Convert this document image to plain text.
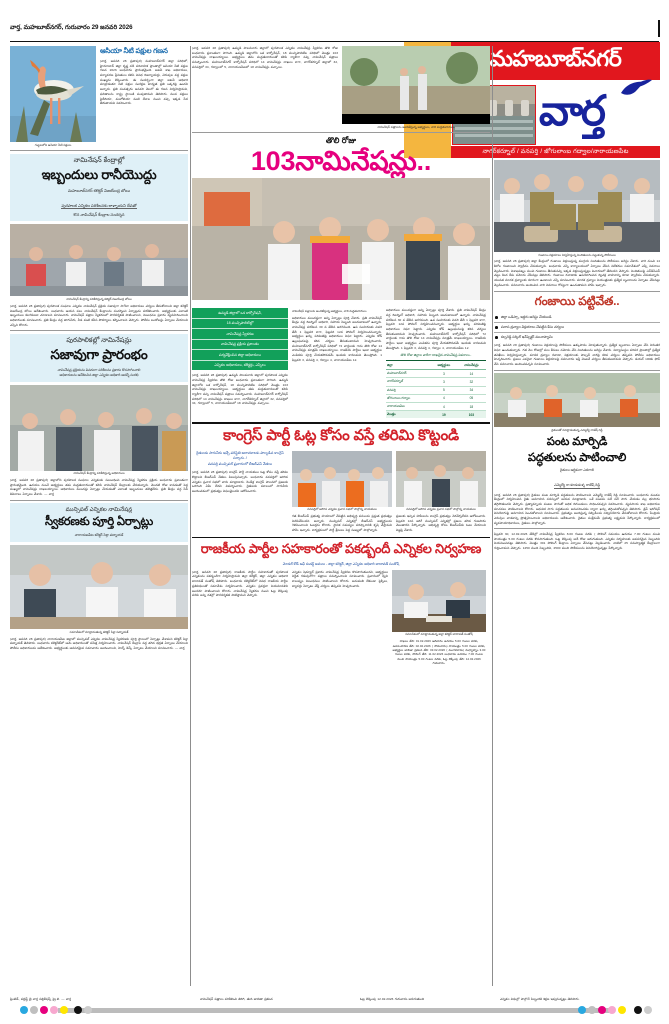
వార్త, మహబూబ్‌నగర్, గురువారం 29 జనవరి 2026
మహబూబ్‌నగర్
వార్త
నాగర్‌కర్నూల్ / వనపర్తి / జోగులాంబ గద్వాల/నారాయణపేట
గుట్టలలోని ఆసియా నీటి పక్షులు
ఆసియా నీటి పక్షుల గణన
(వార్త, జనవరి 28 ప్రతాపుర) మహబూబ్‌నగర్ జిల్లా పరిధిలో, హైదరాబాద్ జిల్లా కృష్ణ నదీ పరివాహక ప్రాంతాల్లో ఆసియా నీటి పక్షుల గణన 2026 బుధవారం ప్రారంభమైంది. అటవీ శాఖ అధికారులు, పర్యావరణ ప్రేమికులు కలిసి వివిధ రిజర్వాయర్లు, చెరువుల వద్ద పక్షుల సంఖ్యను లెక్కించారు. ఈ సందర్భంగా జిల్లా అటవీ అధికారి మాట్లాడుతూ నీటి పక్షుల సంరక్షణ బాధ్యత ప్రతి ఒక్కరిపై ఉందని అన్నారు. ప్రతి సంవత్సరం జనవరి నెలలో ఈ గణన నిర్వహిస్తామని, ఫలితాలను రాష్ట్ర స్థాయికి పంపుతామని తెలిపారు. వలస పక్షులు సైబీరియా, మంగోలియా వంటి దేశాల నుంచి వచ్చి ఇక్కడ సేద తీరుతాయని వివరించారు.
నామినేషన్ కేంద్రాల్లో
ఇబ్బందులు రానీయొద్దు
మహబూబ్‌నగర్ కలెక్టర్ విజయేంద్ర బోయి
పురపాలక ఎన్నికల పరిశీలనకు కాళ్ళాయని దేవతో
కొన నామినేషన్ కేంద్రాల సందర్శన
నామినేషన్ కేంద్రాన్ని పరిశీలిస్తున్న కలెక్టర్ విజయేంద్ర బోయి
(వార్త, జనవరి 28 ప్రతాపుర) పురపాలక సంఘాల ఎన్నికల నామినేషన్ ప్రక్రియ సజావుగా సాగేలా అధికారులు చర్యలు తీసుకోవాలని జిల్లా కలెక్టర్ విజయేంద్ర బోయి ఆదేశించారు. బుధవారం ఆయన పలు నామినేషన్ కేంద్రాలను సందర్శించి ఏర్పాట్లను పరిశీలించారు. అభ్యర్థులకు ఎలాంటి ఇబ్బందులు కలగకుండా చూడాలని సూచించారు. నామినేషన్ పత్రాల స్వీకరణలో పారదర్శకత పాటించాలని, నిబంధనల ప్రకారం వ్యవహరించాలని అధికారులకు సూచించారు. ప్రతి కేంద్రం వద్ద తాగునీరు, నీడ వంటి కనీస సౌకర్యాలు కల్పించాలని చెప్పారు. పోలీసు బందోబస్తు ఏర్పాటు చేయాలని ఎస్పీని కోరారు.
పురపాలికల్లో నామినేషన్లు
సజావుగా ప్రారంభం
నామినేషన్ల ప్రక్రియను వివరంగా పరిశీలనం ప్రకారం కొనసాగించాలి
అధికారులను ఆదేశించిన జిల్లా ఎన్నికల అధికారి ఆదర్శ్ సురభి
నామినేషన్ కేంద్రాన్ని పరిశీలిస్తున్న అధికారులు
(వార్త, జనవరి 28 ప్రతాపుర) జిల్లాలోని పురపాలక సంఘాల ఎన్నికలకు సంబంధించి నామినేషన్ల స్వీకరణ ప్రక్రియ బుధవారం ప్రశాంతంగా ప్రారంభమైంది. ఉదయం నుంచే అభ్యర్థులు తమ మద్దతుదారులతో కలిసి నామినేషన్ కేంద్రాలకు చేరుకున్నారు. మొదటి రోజు కావడంతో పెద్ద సంఖ్యలో నామినేషన్లు దాఖలయ్యాయి. అధికారులు ముందస్తు ఏర్పాట్లు చేయడంతో ఎలాంటి ఇబ్బందులు తలెత్తలేదు. ప్రతి కేంద్రం వద్ద సీసీ కెమెరాలు ఏర్పాటు చేశారు. — వార్త
మున్సిపల్ ఎన్నికల నామినేషన్ల
స్వీకరణకు పూర్తి ఏర్పాట్లు
నారాయణపేట కలెక్టర్ సిక్తా పట్నాయక్
సమావేశంలో మాట్లాడుతున్న కలెక్టర్ సిక్తా పట్నాయక్
(వార్త, జనవరి 28 ప్రతాపుర) నారాయణపేట జిల్లాలో మున్సిపల్ ఎన్నికల నామినేషన్ల స్వీకరణకు పూర్తి స్థాయిలో ఏర్పాట్లు చేశామని కలెక్టర్ సిక్తా పట్నాయక్ తెలిపారు. బుధవారం కలెక్టరేట్‌లో ఆమె అధికారులతో సమీక్ష నిర్వహించారు. నామినేషన్ కేంద్రాల వద్ద తగిన భద్రత ఏర్పాటు చేయాలని పోలీసు అధికారులను ఆదేశించారు. అభ్యర్థులకు అవసరమైన సమాచారం అందించాలని, హెల్ప్ డెస్క్ ఏర్పాటు చేయాలని సూచించారు. — వార్త
(వార్త, జనవరి 28 ప్రతాపుర) ఉమ్మడి పాలమూరు జిల్లాలో పురపాలక ఎన్నికల నామినేషన్ల స్వీకరణ తొలి రోజు బుధవారం ప్రశాంతంగా సాగింది. ఉమ్మడి జిల్లాలోని ఒక కార్పోరేషన్, 18 మున్సిపాలిటీల పరిధిలో మొత్తం 103 నామినేషన్లు దాఖలయ్యాయి. అభ్యర్థులు తమ మద్దతుదారులతో కలిసి ర్యాలీగా వచ్చి నామినేషన్ పత్రాలు సమర్పించారు. మహబూబ్‌నగర్ కార్పోరేషన్ పరిధిలో 14 నామినేషన్లు దాఖలు కాగా, నాగర్‌కర్నూల్ జిల్లాలో 32, వనపర్తిలో 34, గద్వాలలో 5, నారాయణపేటలో 18 నామినేషన్లు వచ్చాయి.
నామినేషన్ పత్రాలను అందజేస్తున్న అభ్యర్థులు, వారి మద్దతుదారులు
తొలి రోజు
103నామినేషన్లు..

ఉమ్మడి జిల్లాలో ఒక కార్పోరేషన్,
18 మున్సిపాలిటీల్లో
నామినేషన్ల స్వీకరణ
నామినేషన్ల ప్రక్రియ ప్రశాంతం
పర్యవేక్షించిన జిల్లా అధికారులు
ఎన్నికల అధికారులు, కలెక్టర్లు, ఎస్పీలు
(వార్త, జనవరి 28 ప్రతాపుర) ఉమ్మడి పాలమూరు జిల్లాలో పురపాలక ఎన్నికల నామినేషన్ల స్వీకరణ తొలి రోజు బుధవారం ప్రశాంతంగా సాగింది. ఉమ్మడి జిల్లాలోని ఒక కార్పోరేషన్, 18 మున్సిపాలిటీల పరిధిలో మొత్తం 103 నామినేషన్లు దాఖలయ్యాయి. అభ్యర్థులు తమ మద్దతుదారులతో కలిసి ర్యాలీగా వచ్చి నామినేషన్ పత్రాలు సమర్పించారు. మహబూబ్‌నగర్ కార్పోరేషన్ పరిధిలో 14 నామినేషన్లు దాఖలు కాగా, నాగర్‌కర్నూల్ జిల్లాలో 32, వనపర్తిలో 34, గద్వాలలో 5, నారాయణపేటలో 18 నామినేషన్లు వచ్చాయి.
నామినేషన్ పత్రాలను అందజేస్తున్న అభ్యర్థులు, వారి మద్దతుదారులు
అధికారులు ముందస్తుగా అన్ని ఏర్పాట్లు పూర్తి చేశారు. ప్రతి నామినేషన్ కేంద్రం వద్ద రిటర్నింగ్ అధికారి, సహాయ సిబ్బంది అందుబాటులో ఉన్నారు. నామినేషన్ల పరిశీలన 30 వ తేదీన జరగనుంది. ఉప సంహరణకు చివరి తేదీ 1 ఫిబ్రవరి కాగా, ఫిబ్రవరి 12న పోలింగ్ నిర్వహించనున్నారు. అభ్యర్థుల ఖర్చు పరిమితిపై అధికారులు నిఘా పెట్టారు. ఎన్నికల కోడ్ ఉల్లంఘనలపై కఠిన చర్యలు తీసుకుంటామని హెచ్చరించారు. మహబూబ్‌నగర్ కార్పోరేషన్ పరిధిలో 72 వార్డులకు గాను తొలి రోజు 14 నామినేషన్లు మాత్రమే దాఖలయ్యాయి. రాజకీయ పార్టీలు ఇంకా అభ్యర్థుల ఎంపికను పూర్తి చేయకపోవడమే ఇందుకు కారణమని తెలుస్తోంది. 1 ఫిబ్రవరి 3, వనపర్తి 4, గద్వాల 4, నారాయణపేట 12.
అధికారులు ముందస్తుగా అన్ని ఏర్పాట్లు పూర్తి చేశారు. ప్రతి నామినేషన్ కేంద్రం వద్ద రిటర్నింగ్ అధికారి, సహాయ సిబ్బంది అందుబాటులో ఉన్నారు. నామినేషన్ల పరిశీలన 30 వ తేదీన జరగనుంది. ఉప సంహరణకు చివరి తేదీ 1 ఫిబ్రవరి కాగా, ఫిబ్రవరి 12న పోలింగ్ నిర్వహించనున్నారు. అభ్యర్థుల ఖర్చు పరిమితిపై అధికారులు నిఘా పెట్టారు. ఎన్నికల కోడ్ ఉల్లంఘనలపై కఠిన చర్యలు తీసుకుంటామని హెచ్చరించారు. మహబూబ్‌నగర్ కార్పోరేషన్ పరిధిలో 72 వార్డులకు గాను తొలి రోజు 14 నామినేషన్లు మాత్రమే దాఖలయ్యాయి. రాజకీయ పార్టీలు ఇంకా అభ్యర్థుల ఎంపికను పూర్తి చేయకపోవడమే ఇందుకు కారణమని తెలుస్తోంది. 1 ఫిబ్రవరి 3, వనపర్తి 4, గద్వాల 4, నారాయణపేట 12.
తొలి రోజు జిల్లాల వారీగా దాఖలైన నామినేషన్ల వివరాలు..
జిల్లా	అభ్యర్థులు	నామినేషన్లు
మహబూబ్‌నగర్	3	14
నాగర్‌కర్నూల్	3	32
వనపర్తి	5	34
జోగులాంబ గద్వాల	4	05
నారాయణపేట	4	18
మొత్తం	19	103
కాంగ్రెస్ పార్టీ ఓట్ల కోసం వస్తే తరిమి కొట్టండి
రైతులకు సాగునీరు ఇచ్చే పరిస్థితి అరాచకాలకు పాల్పడిన కాంగ్రెస్ సర్కారు..!
వనపర్తి మున్సిపల్ ప్రచారంలో బీఆర్ఎస్ నేతలు
(వార్త, జనవరి 28 ప్రతాపుర) కాంగ్రెస్ పార్టీ నాయకులు ఓట్ల కోసం వస్తే తరిమి కొట్టాలని బీఆర్ఎస్ నేతలు పిలుపునిచ్చారు. బుధవారం వనపర్తిలో జరిగిన ఎన్నికల ప్రచార సభలో వారు మాట్లాడారు. రెండేళ్ల కాంగ్రెస్ పాలనలో ప్రజలకు ఒరిగింది ఏమీ లేదని విమర్శించారు. రైతులకు సకాలంలో సాగునీరు అందించడంలో ప్రభుత్వం విఫలమైందని ఆరోపించారు.
వనపర్తిలో జరిగిన ఎన్నికల ప్రచార సభలో పాల్గొన్న నాయకులు
గత బీఆర్ఎస్ ప్రభుత్వ హయాంలో చేపట్టిన అభివృద్ధి పనులను ప్రస్తుత ప్రభుత్వం నిలిపివేసిందని అన్నారు. మున్సిపల్ ఎన్నికల్లో బీఆర్ఎస్ అభ్యర్థులను గెలిపించాలని ఓటర్లను కోరారు. స్థానిక సమస్యల పరిష్కారానికి కృషి చేస్తామని హామీ ఇచ్చారు. కార్యక్రమంలో పార్టీ శ్రేణులు పెద్ద సంఖ్యలో పాల్గొన్నారు.
వనపర్తిలో జరిగిన ఎన్నికల ప్రచార సభలో పాల్గొన్న నాయకులు
ప్రజలకు ఇచ్చిన హామీలను కాంగ్రెస్ ప్రభుత్వం నెరవేర్చలేదని ఆరోపించారు. ఫిబ్రవరి 12న జరిగే మున్సిపల్ ఎన్నికల్లో ప్రజలు తగిన గుణపాఠం చెబుతారని పేర్కొన్నారు. అభివృద్ధి కోసం బీఆర్ఎస్‌కు ఓటు వేయాలని విజ్ఞప్తి చేశారు.
రాజకీయ పార్టీల సహకారంతో పకడ్బందీ ఎన్నికల నిర్వహణ
మోడల్ కోడ్ ఆఫ్ కండక్ట్ అమలు - జిల్లా కలెక్టర్, జిల్లా ఎన్నికల అధికారి బాదావత్ సంతోష్
(వార్త, జనవరి 28 ప్రతాపుర) రాజకీయ పార్టీల సహకారంతో పురపాలక ఎన్నికలను పకడ్బందీగా నిర్వహిస్తామని జిల్లా కలెక్టర్, జిల్లా ఎన్నికల అధికారి బాదావత్ సంతోష్ తెలిపారు. బుధవారం కలెక్టరేట్‌లో వివిధ రాజకీయ పార్టీల ప్రతినిధులతో సమావేశం నిర్వహించారు. ఎన్నికల ప్రవర్తనా నియమావళిని అందరూ పాటించాలని కోరారు. నామినేషన్ల స్వీకరణ నుంచి ఓట్ల లెక్కింపు వరకు అన్ని దశల్లో పారదర్శకత పాటిస్తామని చెప్పారు.
ఎన్నికల షెడ్యూల్ ప్రకారం నామినేషన్ల స్వీకరణ కొనసాగుతుందని, అభ్యర్థులు నిర్ణీత గడువులోగా పత్రాలు సమర్పించాలని సూచించారు. ప్రచారంలో ధ్వని కాలుష్యం నిబంధనలు పాటించాలని కోరారు. అనుమతి లేకుండా ఫ్లెక్సీలు, బ్యానర్లు ఏర్పాటు చేస్తే చర్యలు తప్పవని హెచ్చరించారు.
సమావేశంలో మాట్లాడుతున్న జిల్లా కలెక్టర్ బాదావత్ సంతోష్
దాఖలు తేది: 01.02.2026 ఆదివారం ఉదయం 5.00 గంటల వరకు, ఉపసంహరణ తేది: 02.02.2026 ( సోమవారం) సాయంత్రం 5.00 గంటల వరకు, అభ్యర్థుల జాబితా ప్రకటన తేది: 03.02.2026 ( మంగళవారం) మధ్యాహ్నం 3.00 గంటల వరకు, పోలింగ్ తేది: 11.02.2026 బుధవారం ఉదయం 7.00 గంటల నుంచి సాయంత్రం 5.00 గంటల వరకు, ఓట్ల లెక్కింపు తేది: 12.02.2026 గురువారం.
గంజాయి విక్రయాలు నిర్వహిస్తున్న నిందితులను పట్టుకున్న పోలీసులు
(వార్త, జనవరి 28 ప్రతాపుర) జిల్లా కేంద్రంలో గంజాయి విక్రయిస్తున్న ముగ్గురు నిందితులను పోలీసులు అరెస్టు చేశారు. వారి నుంచి 14 కిలోల గంజాయిని స్వాధీనం చేసుకున్నారు. బుధవారం ఎస్పీ కార్యాలయంలో ఏర్పాటు చేసిన విలేకరుల సమావేశంలో ఎస్పీ వివరాలు వెల్లడించారు. విశాఖపట్నం నుంచి గంజాయి తీసుకువచ్చి ఇక్కడ విక్రయిస్తున్నట్లు విచారణలో తేలిందని చెప్పారు. నిందితులపై ఎన్‌డీపీఎస్ చట్టం కింద కేసు నమోదు చేసినట్లు తెలిపారు. గంజాయి రవాణాకు ఉపయోగించిన ద్విచక్ర వాహనాన్ని కూడా స్వాధీనం చేసుకున్నారు. యువత మాదక ద్రవ్యాలకు దూరంగా ఉండాలని ఎస్పీ సూచించారు. మాదక ద్రవ్యాల నియంత్రణకు ప్రత్యేక బృందాలను ఏర్పాటు చేసినట్లు వెల్లడించారు. సమాచారం అందించిన వారి వివరాలు గోప్యంగా ఉంచుతామని హామీ ఇచ్చారు.
గంజాయి పట్టివేత..
జిల్లా ఒడిస్సా, ఇద్దరు అరెస్టు చేయబడి
పలాస ద్రవ్యాల విక్రయాలు చేపట్టిన కేసు చర్యలు
కల్పరెడ్డి సర్కిల్ ఇన్‌స్పెక్టర్ మునాస్వామి
(వార్త, జనవరి 28 ప్రతాపుర) గంజాయి విక్రయాలపై పోలీసులు ఉక్కుపాదం మోపుతున్నారు. ప్రత్యేక బృందాలు ఏర్పాటు చేసి నిరంతర నిఘా ఉంచుతున్నారు. గత నెల రోజుల్లో పలు కేసులు నమోదు చేసి నిందితులను అరెస్టు చేశారు. విద్యాసంస్థల పరిసర ప్రాంతాల్లో ప్రత్యేక తనిఖీలు నిర్వహిస్తున్నారు. మాదక ద్రవ్యాల రవాణా, విక్రయాలకు పాల్పడే వారిపై కఠిన చర్యలు తప్పవని పోలీసు అధికారులు హెచ్చరించారు. ప్రజలు ఎవరైనా గంజాయి విక్రయాలపై సమాచారం ఇస్తే వెంటనే చర్యలు తీసుకుంటామని చెప్పారు. డయల్ 100కు ఫోన్ చేసి సమాచారం అందించవచ్చని సూచించారు.
రైతులతో మాట్లాడుతున్న ఎమ్మెల్యే రాజేష్ రెడ్డి
పంట మార్పిడి
పద్ధతులను పాటించాలి
రైతులు ఆర్థికంగా ఎదగాలి
ఎమ్మెల్యే రా.కూడుకుళ్ళ రాజేష్ రెడ్డి
(వార్త, జనవరి 28 ప్రతాపుర) రైతులు పంట మార్పిడి పద్ధతులను పాటించాలని ఎమ్మెల్యే రాజేష్ రెడ్డి సూచించారు. బుధవారం మండల కేంద్రంలో నిర్వహించిన రైతు అవగాహన సదస్సులో ఆయన మాట్లాడారు. ఒకే పంటను పదే పదే సాగు చేయడం వల్ల భూసారం తగ్గిపోతుందని చెప్పారు. ప్రత్యామ్నాయ పంటల సాగుతో అధిక దిగుబడులు సాధించవచ్చని వివరించారు. వ్యవసాయ శాఖ అధికారుల సూచనలు పాటించాలని కోరారు. ఆధునిక సాగు పద్ధతులను అనుసరించడం ద్వారా ఖర్చు తగ్గించుకోవచ్చని తెలిపారు. డ్రిప్ ఇరిగేషన్ వినియోగంపై అవగాహన పెంచుకోవాలని సూచించారు. ప్రభుత్వం అందిస్తున్న సబ్సిడీలను సద్వినియోగం చేసుకోవాలని కోరారు. సేంద్రియ ఎరువుల వాడకాన్ని ప్రోత్సహించాలని అధికారులను ఆదేశించారు. రైతుల సంక్షేమమే ప్రభుత్వ లక్ష్యమని పేర్కొన్నారు. కార్యక్రమంలో వ్యవసాయాధికారులు, రైతులు పాల్గొన్నారు.
ఫిబ్రవరి 30, 12.02.2026 తేదీల్లో నామినేషన్ల స్వీకరణ 8.00 గంటల వరకు ( పోలింగ్ సమయం ఉదయం 7.00 గంటల నుంచి సాయంత్రం 5.00 గంటల వరకు కొనసాగుతుంది. ఓట్ల లెక్కింపు అదే రోజు జరుగుతుంది. ఎన్నికల నిర్వహణకు అవసరమైన సిబ్బందిని నియమించినట్లు తెలిపారు. మొత్తం 301 పోలింగ్ కేంద్రాలు ఏర్పాటు చేసినట్లు వెల్లడించారు. వాటిలో 25 సమస్యాత్మక కేంద్రాలుగా గుర్తించామని చెప్పారు. 1250 మంది సిబ్బందిని, 2500 మంది పోలీసులను వినియోగిస్తున్నట్లు పేర్కొన్నారు.
ప్రింటెడ్, పబ్లిష్డ్ బై వార్త పబ్లికేషన్స్ ప్రై.లి. — వార్త	నామినేషన్ పత్రాలు పరిశీలించి తిరిగి, తుది జాబితా ప్రకటన	ఓట్ల లెక్కింపు 12.02.2026 గురువారం జరుగుతుంది	ఎన్నికల విధుల్లో పాల్గొనే సిబ్బందికి శిక్షణ ఇవ్వనున్నట్లు తెలిపారు.
